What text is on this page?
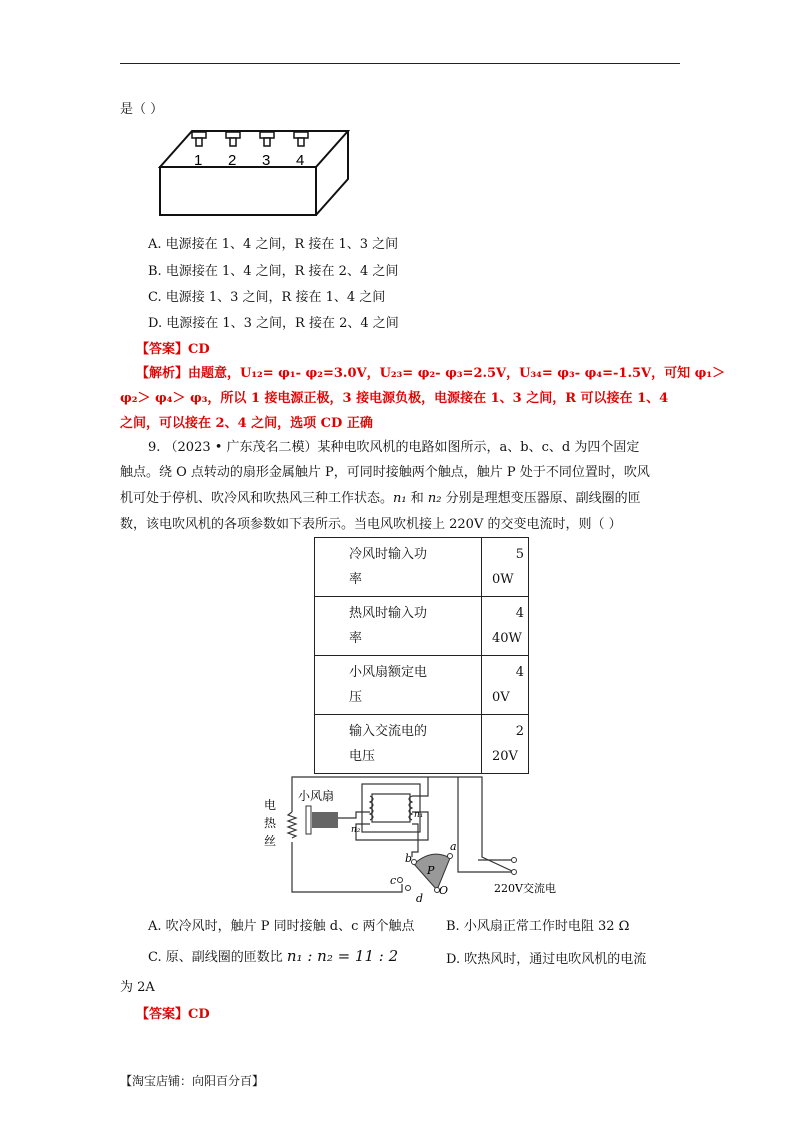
是（ ）
1 2 3 4
A. 电源接在 1、4 之间，R 接在 1、3 之间
B. 电源接在 1、4 之间，R 接在 2、4 之间
C. 电源接 1、3 之间，R 接在 1、4 之间
D. 电源接在 1、3 之间，R 接在 2、4 之间
【答案】CD
【解析】由题意，U₁₂= φ₁- φ₂=3.0V，U₂₃= φ₂- φ₃=2.5V，U₃₄= φ₃- φ₄=-1.5V，可知 φ₁＞
φ₂＞ φ₄＞ φ₃，所以 1 接电源正极，3 接电源负极，电源接在 1、3 之间，R 可以接在 1、4
之间，可以接在 2、4 之间，选项 CD 正确
9. （2023 • 广东茂名二模）某种电吹风机的电路如图所示，a、b、c、d 为四个固定
触点。绕 O 点转动的扇形金属触片 P，可同时接触两个触点，触片 P 处于不同位置时，吹风
机可处于停机、吹冷风和吹热风三种工作状态。n₁ 和 n₂ 分别是理想变压器原、副线圈的匝
数，该电吹风机的各项参数如下表所示。当电风吹机接上 220V 的交变电流时，则（ ）
冷风时输入功
率	5
0W

热风时输入功
率	4
40W

小风扇额定电
压	4
0V

输入交流电的
电压	2
20V
电
热
丝
小风扇
n₂
n₁
a
b
c
d
P
O	220V交流电
A. 吹冷风时，触片 P 同时接触 d、c 两个触点 B. 小风扇正常工作时电阻 32 Ω
C. 原、副线圈的匝数比 n₁ : n₂ = 11 : 2	D. 吹热风时，通过电吹风机的电流
为 2A
【答案】CD
【淘宝店铺：向阳百分百】
